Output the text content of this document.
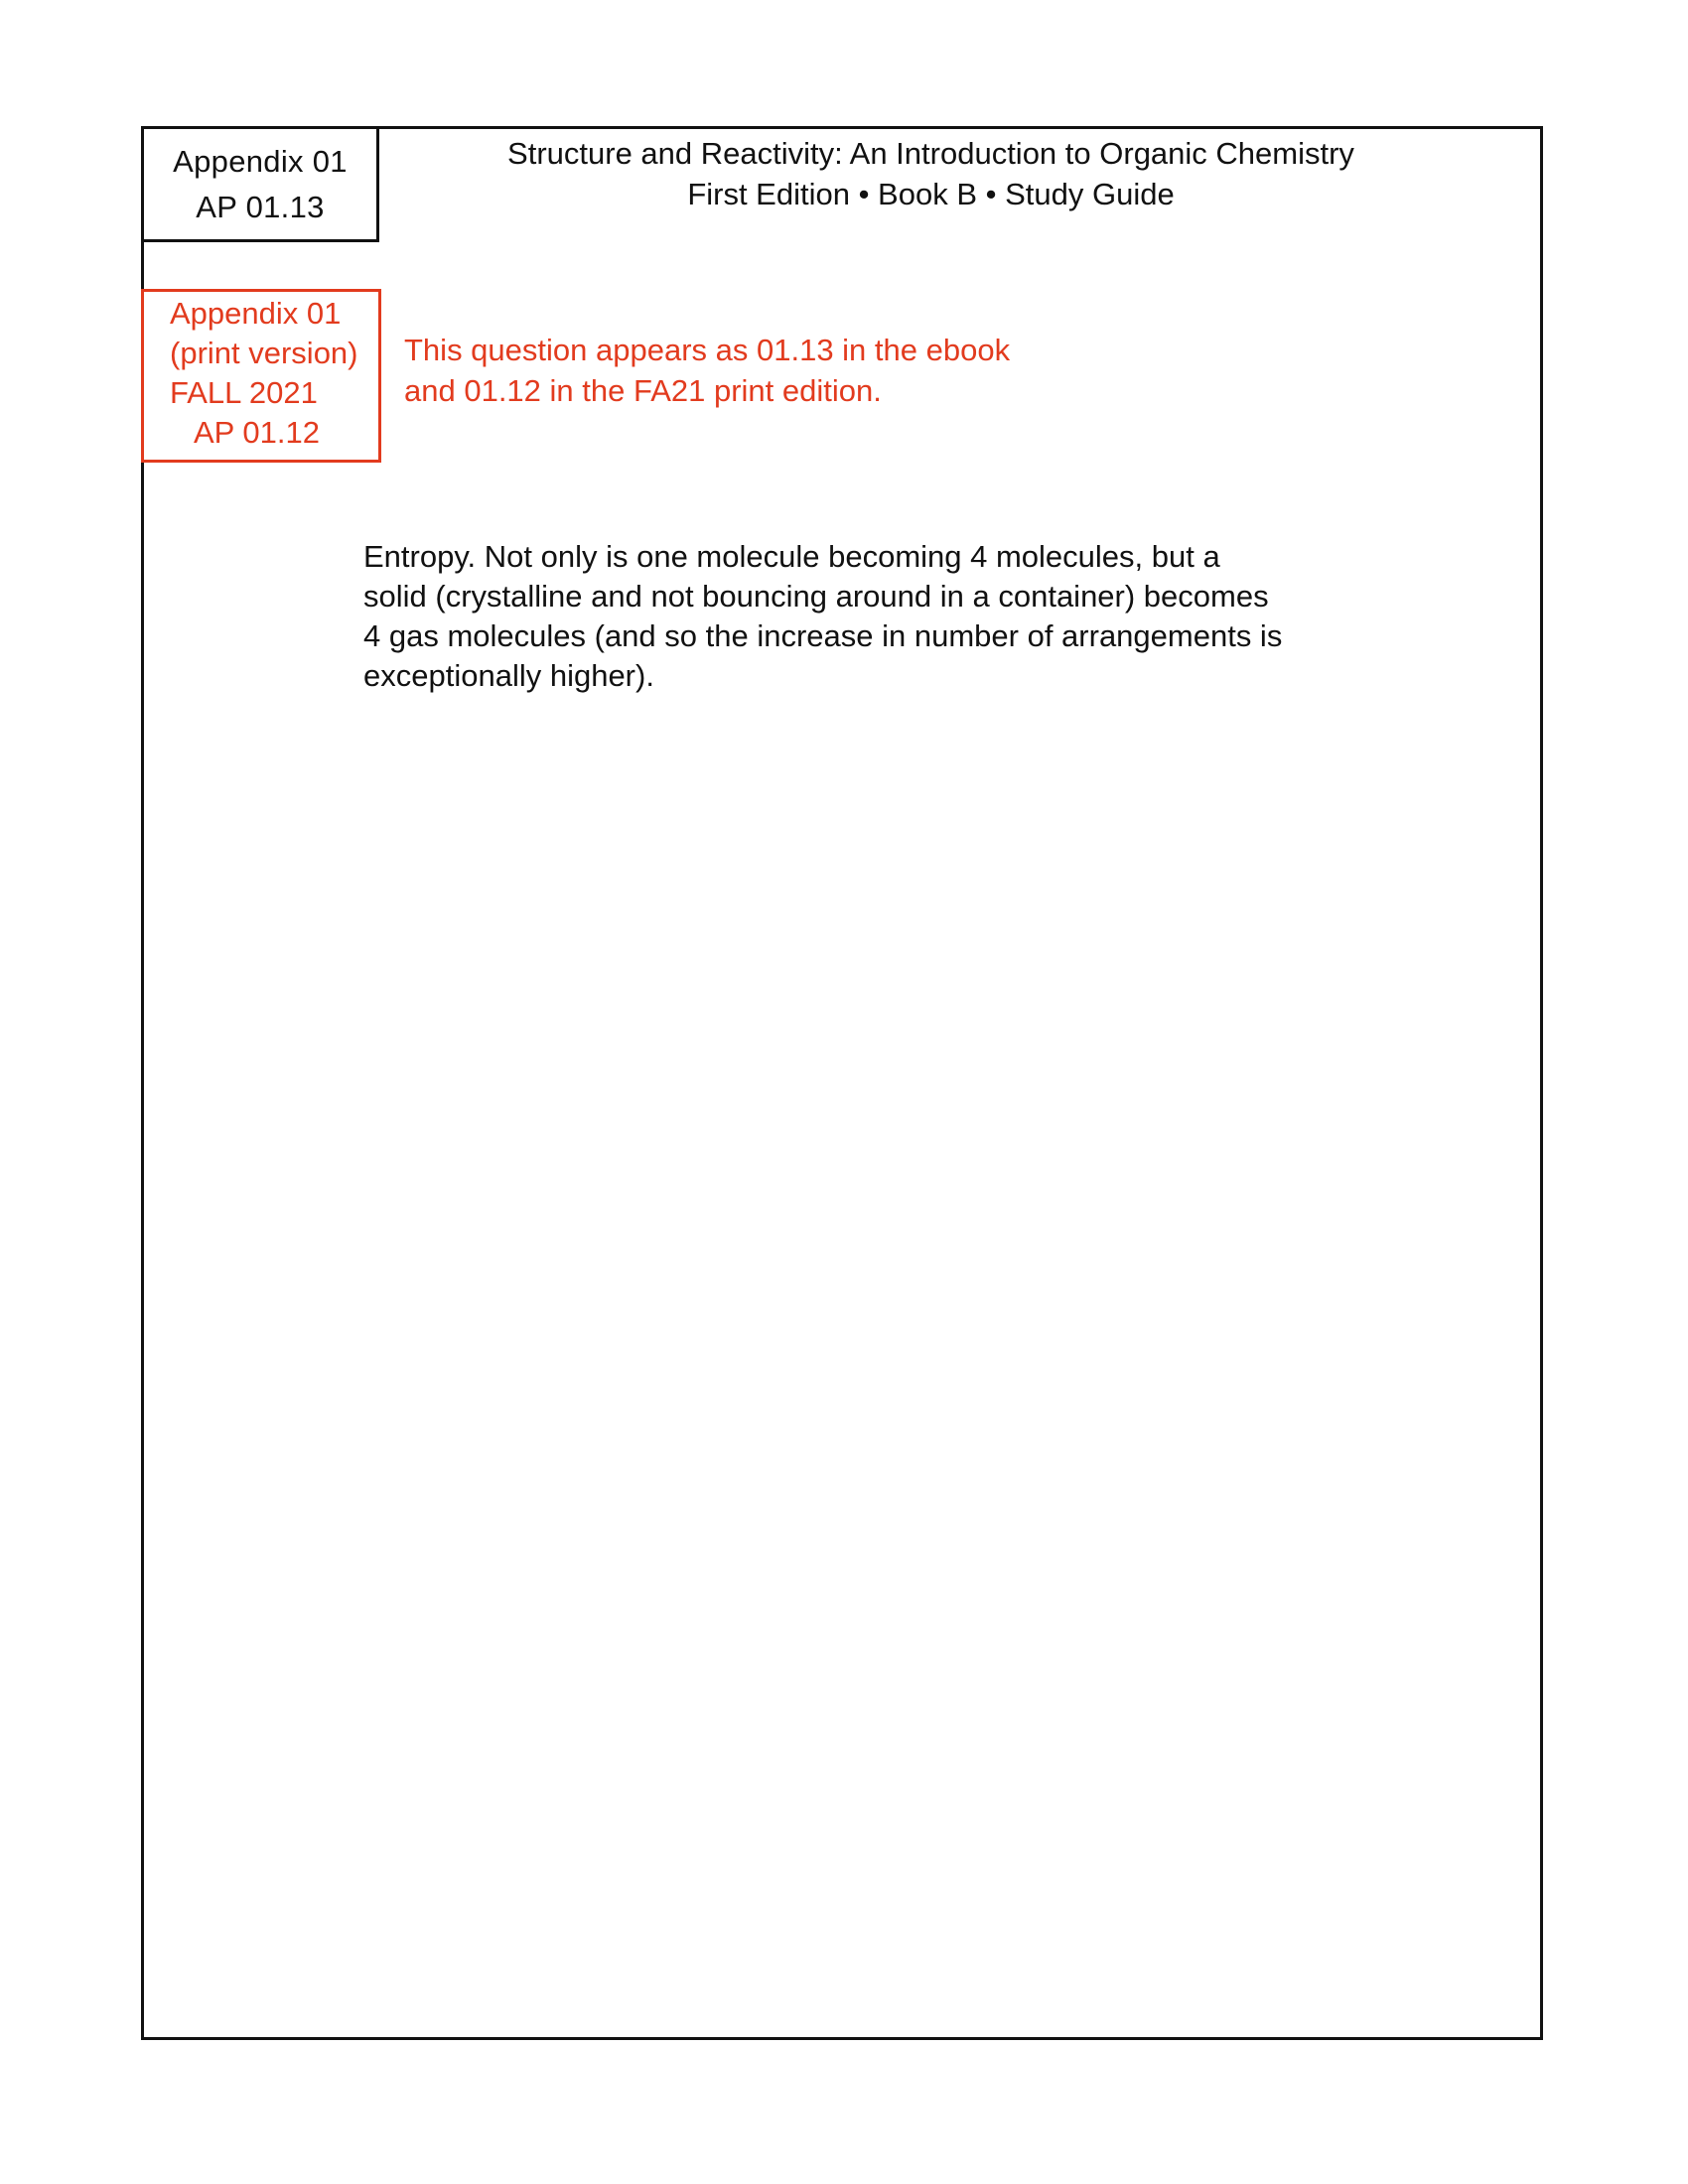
Appendix 01
AP 01.13
Structure and Reactivity: An Introduction to Organic Chemistry
First Edition • Book B • Study Guide
Appendix 01
(print version)
FALL 2021
AP 01.12
This question appears as 01.13 in the ebook
and 01.12 in the FA21 print edition.
Entropy. Not only is one molecule becoming 4 molecules, but a
solid (crystalline and not bouncing around in a container) becomes
4 gas molecules (and so the increase in number of arrangements is
exceptionally higher).
